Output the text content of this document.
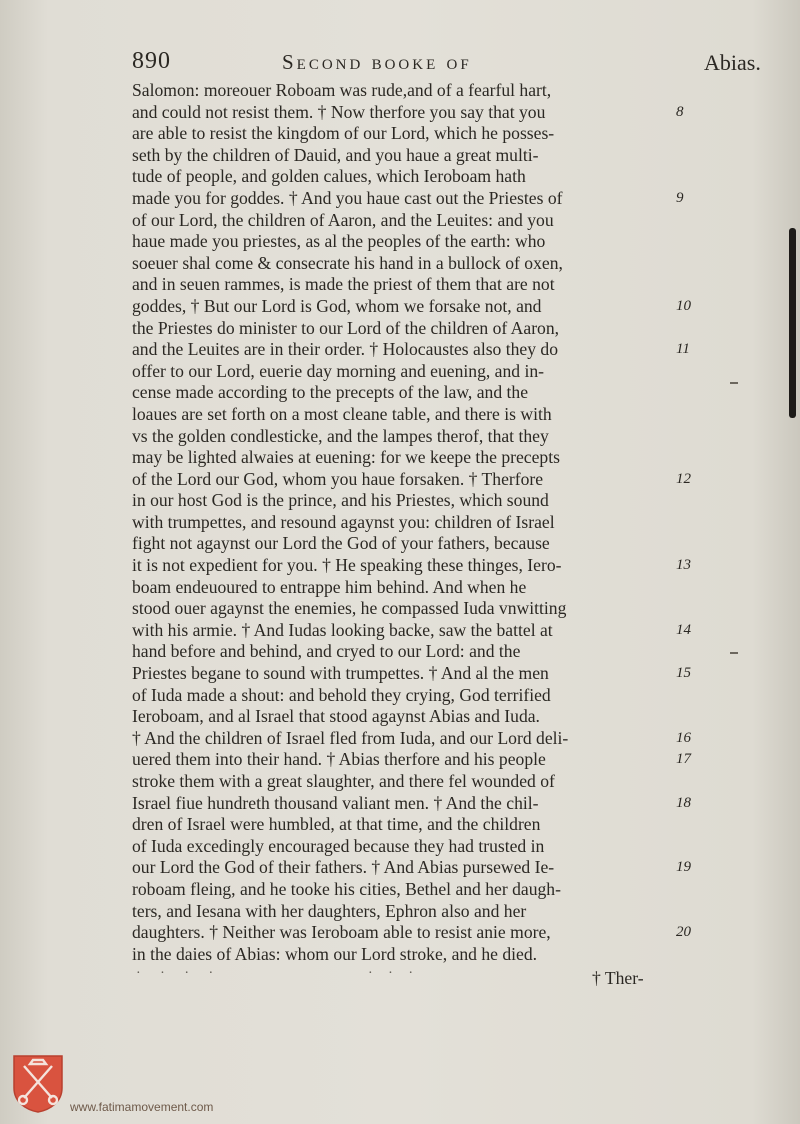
890	Second booke of	Abias.
Salomon: moreouer Roboam was rude,and of a fearful hart,
and could not resist them. † Now therfore you say that you	8
are able to resist the kingdom of our Lord, which he posses-
seth by the children of Dauid, and you haue a great multi-
tude of people, and golden calues, which Ieroboam hath
made you for goddes. † And you haue cast out the Priestes of	9
of our Lord, the children of Aaron, and the Leuites: and you
haue made you priestes, as al the peoples of the earth: who
soeuer shal come & consecrate his hand in a bullock of oxen,
and in seuen rammes, is made the priest of them that are not
goddes, † But our Lord is God, whom we forsake not, and	10
the Priestes do minister to our Lord of the children of Aaron,
and the Leuites are in their order. † Holocaustes also they do	11
offer to our Lord, euerie day morning and euening, and in-
cense made according to the precepts of the law, and the
loaues are set forth on a most cleane table, and there is with
vs the golden condlesticke, and the lampes therof, that they
may be lighted alwaies at euening: for we keepe the precepts
of the Lord our God, whom you haue forsaken. † Therfore	12
in our host God is the prince, and his Priestes, which sound
with trumpettes, and resound agaynst you: children of Israel
fight not agaynst our Lord the God of your fathers, because
it is not expedient for you. † He speaking these thinges, Iero-	13
boam endeuoured to entrappe him behind. And when he
stood ouer agaynst the enemies, he compassed Iuda vnwitting
with his armie. † And Iudas looking backe, saw the battel at	14
hand before and behind, and cryed to our Lord: and the
Priestes begane to sound with trumpettes. † And al the men	15
of Iuda made a shout: and behold they crying, God terrified
Ieroboam, and al Israel that stood agaynst Abias and Iuda.
† And the children of Israel fled from Iuda, and our Lord deli-	16
uered them into their hand. † Abias therfore and his people	17
stroke them with a great slaughter, and there fel wounded of
Israel fiue hundreth thousand valiant men. † And the chil-	18
dren of Israel were humbled, at that time, and the children
of Iuda excedingly encouraged because they had trusted in
our Lord the God of their fathers. † And Abias pursewed Ie-	19
roboam fleing, and he tooke his cities, Bethel and her daugh-
ters, and Iesana with her daughters, Ephron also and her
daughters. † Neither was Ieroboam able to resist anie more,	20
in the daies of Abias: whom our Lord stroke, and he died.
· · · ·	· · ·	† Ther-
www.fatimamovement.com
